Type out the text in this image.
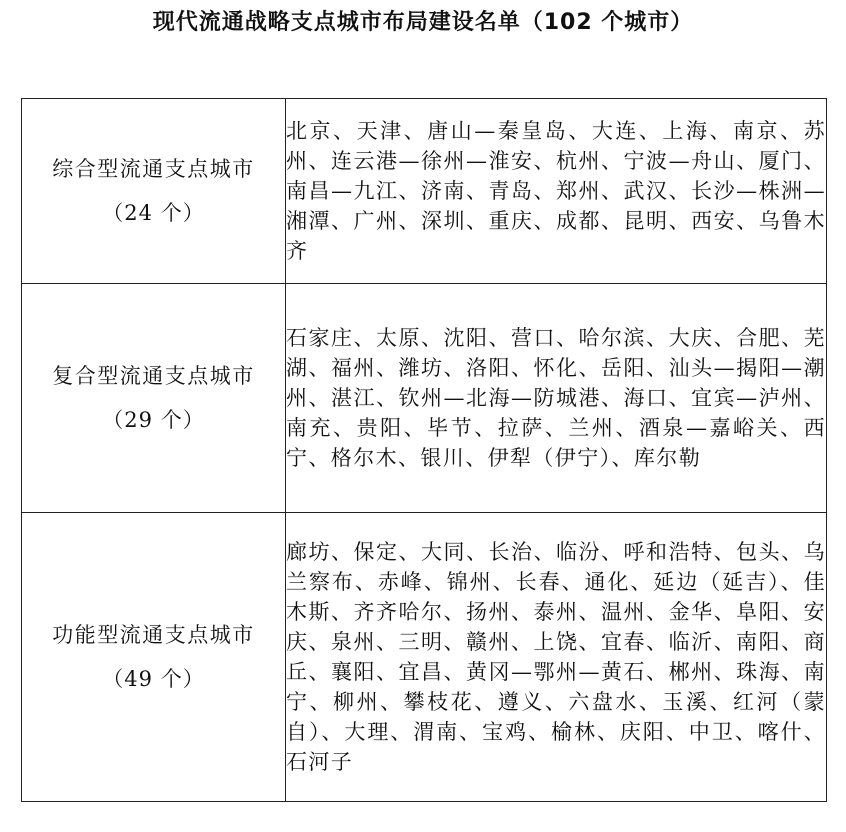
现代流通战略支点城市布局建设名单（102 个城市）
综合型流通支点城市
（24 个）	北京、天津、唐山—秦皇岛、大连、上海、南京、苏州、连云港—徐州—淮安、杭州、宁波—舟山、厦门、南昌—九江、济南、青岛、郑州、武汉、长沙—株洲—湘潭、广州、深圳、重庆、成都、昆明、西安、乌鲁木齐

复合型流通支点城市
（29 个）	石家庄、太原、沈阳、营口、哈尔滨、大庆、合肥、芜湖、福州、潍坊、洛阳、怀化、岳阳、汕头—揭阳—潮州、湛江、钦州—北海—防城港、海口、宜宾—泸州、南充、贵阳、毕节、拉萨、兰州、酒泉—嘉峪关、西宁、格尔木、银川、伊犁（伊宁）、库尔勒

功能型流通支点城市
（49 个）	廊坊、保定、大同、长治、临汾、呼和浩特、包头、乌兰察布、赤峰、锦州、长春、通化、延边（延吉）、佳木斯、齐齐哈尔、扬州、泰州、温州、金华、阜阳、安庆、泉州、三明、赣州、上饶、宜春、临沂、南阳、商丘、襄阳、宜昌、黄冈—鄂州—黄石、郴州、珠海、南宁、柳州、攀枝花、遵义、六盘水、玉溪、红河（蒙自）、大理、渭南、宝鸡、榆林、庆阳、中卫、喀什、石河子
